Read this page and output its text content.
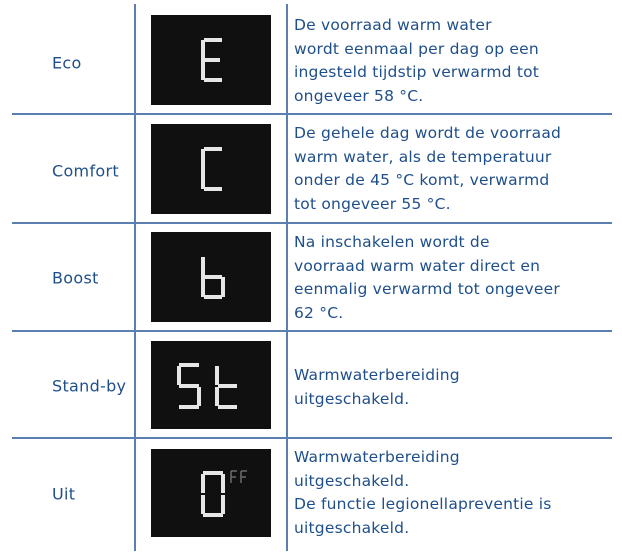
Eco
De voorraad warm water
wordt eenmaal per dag op een
ingesteld tijdstip verwarmd tot
ongeveer 58 °C.
Comfort
De gehele dag wordt de voorraad
warm water, als de temperatuur
onder de 45 °C komt, verwarmd
tot ongeveer 55 °C.
Boost
Na inschakelen wordt de
voorraad warm water direct en
eenmalig verwarmd tot ongeveer
62 °C.
Stand-by
Warmwaterbereiding
uitgeschakeld.
Uit
Warmwaterbereiding
uitgeschakeld.
De functie legionellapreventie is
uitgeschakeld.
